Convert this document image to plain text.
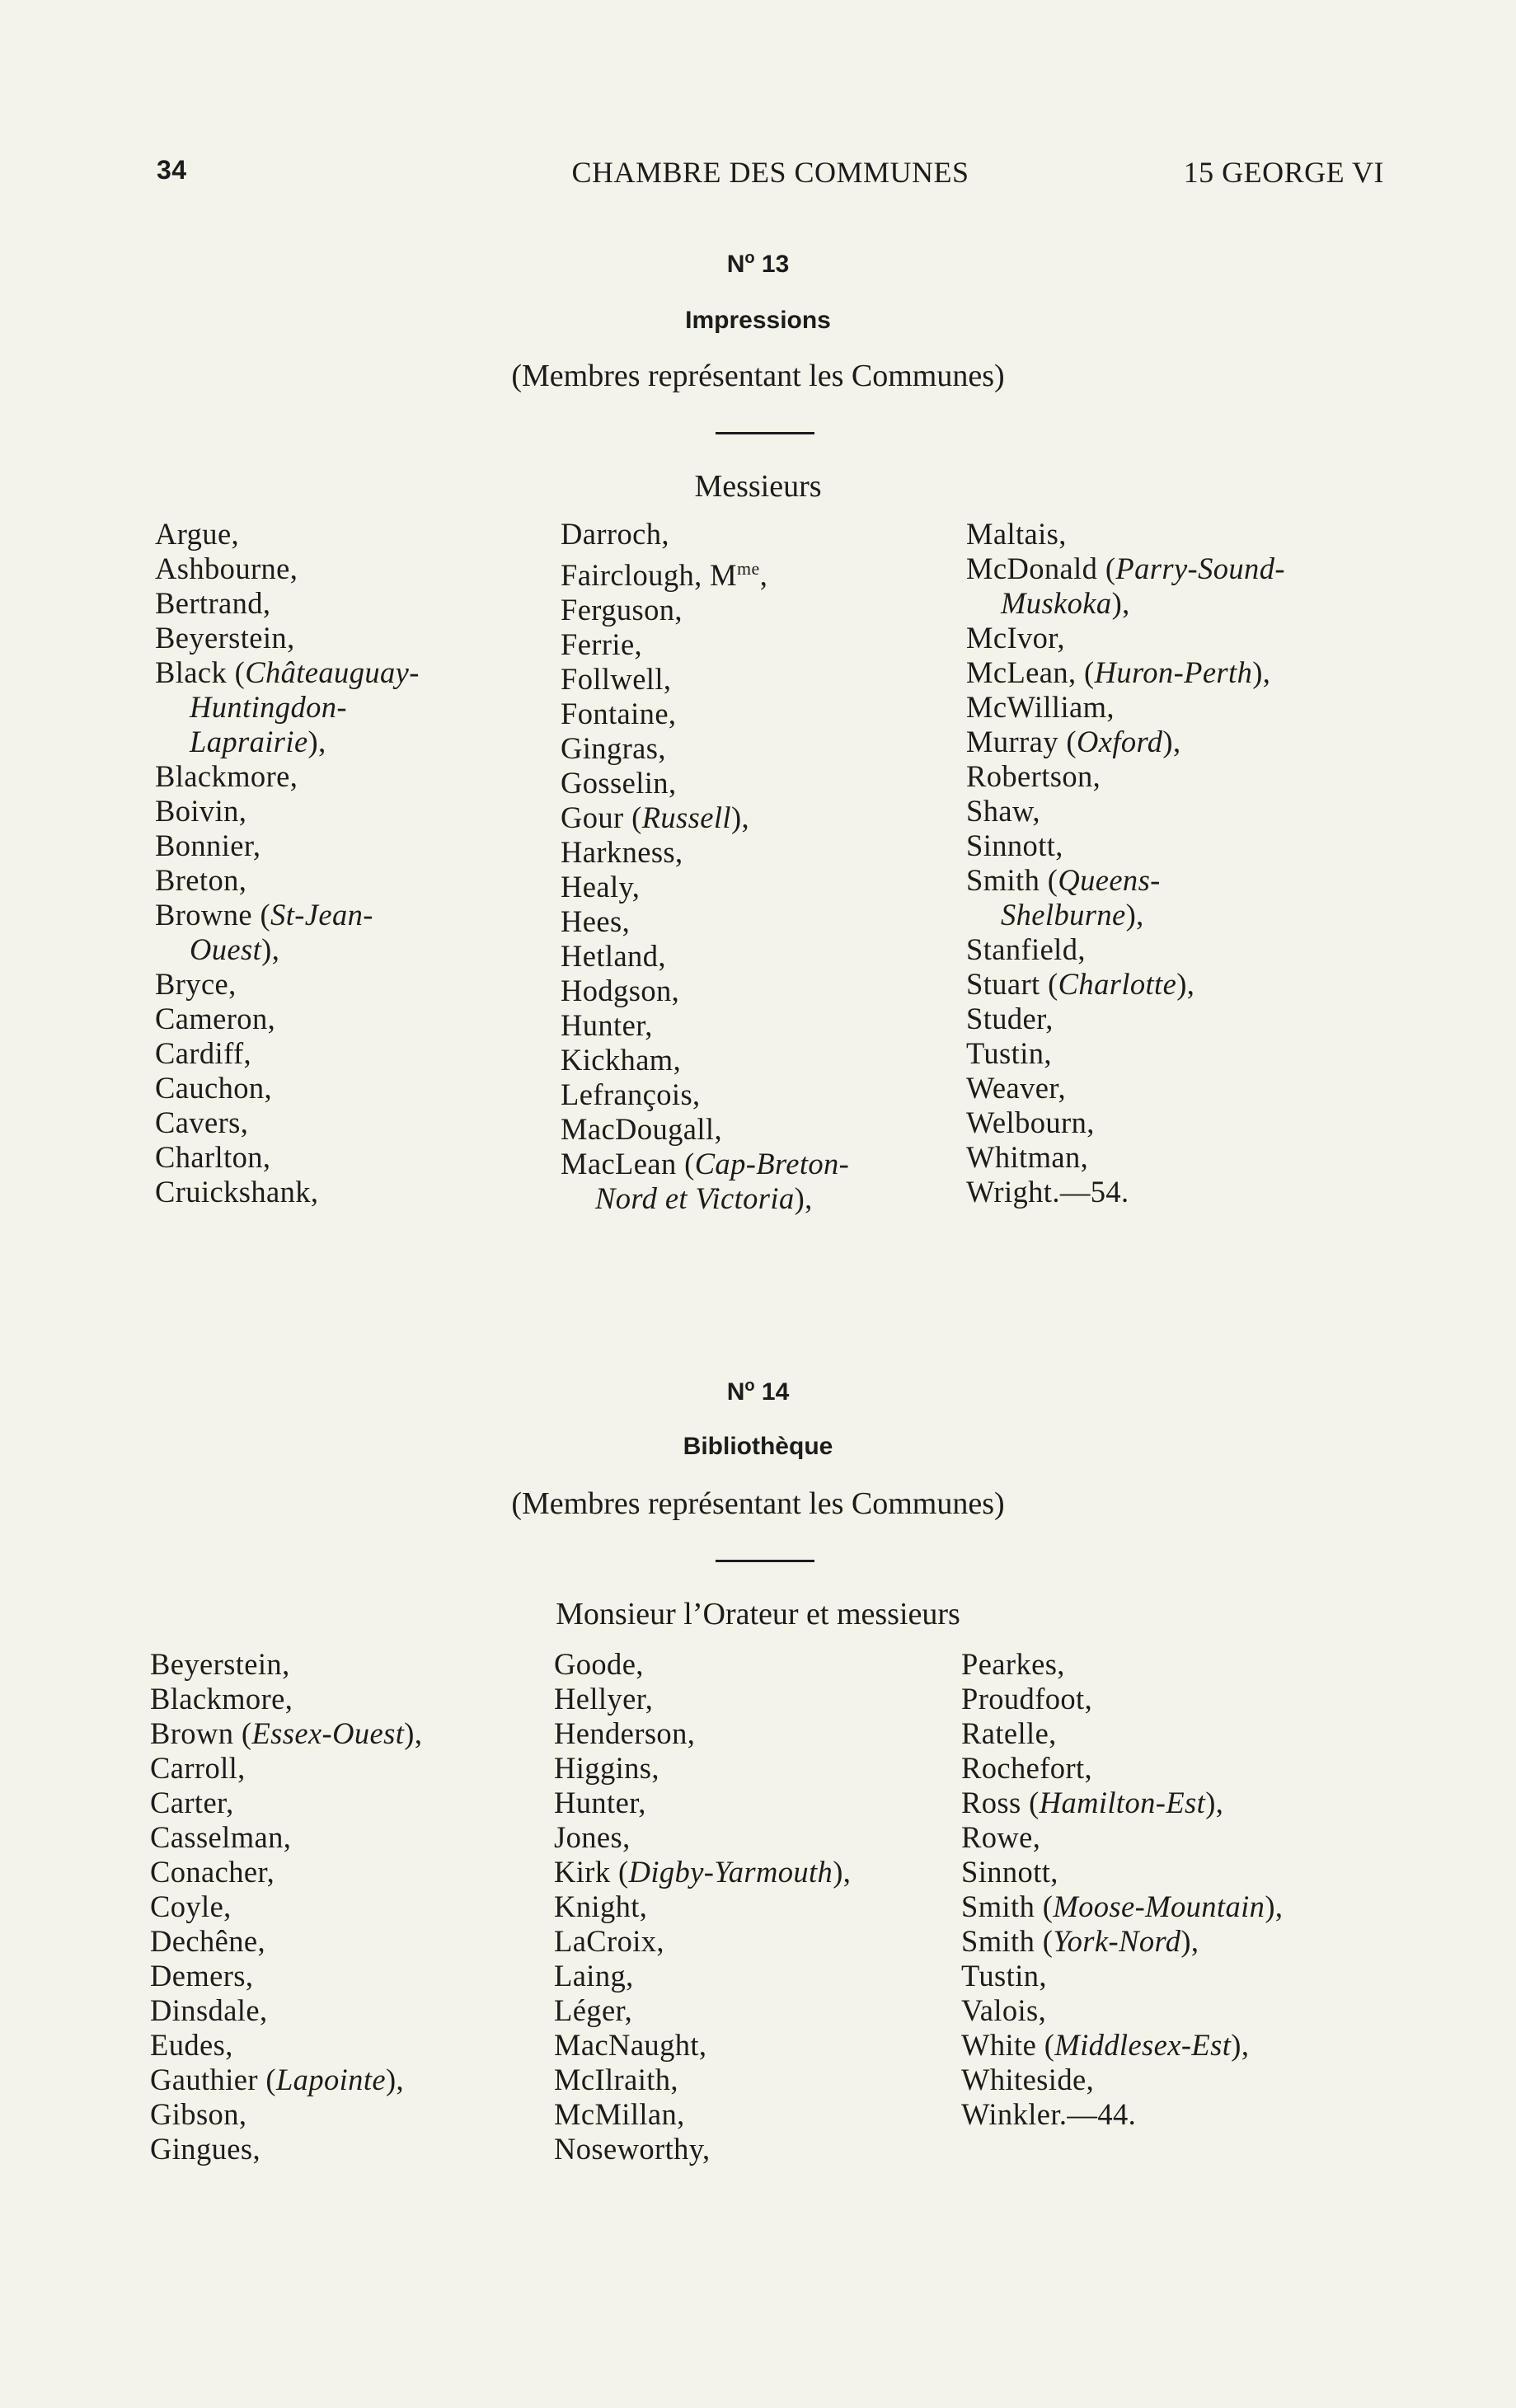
34	CHAMBRE DES COMMUNES	15 GEORGE VI
$N^o$ 13
Impressions
(Membres représentant les Communes)
Messieurs
Argue,
Ashbourne,
Bertrand,
Beyerstein,
Black (Châteauguay-
Huntingdon-
Laprairie),
Blackmore,
Boivin,
Bonnier,
Breton,
Browne (St-Jean-
Ouest),
Bryce,
Cameron,
Cardiff,
Cauchon,
Cavers,
Charlton,
Cruickshank,
Darroch,
Fairclough, $M^{me}$,
Ferguson,
Ferrie,
Follwell,
Fontaine,
Gingras,
Gosselin,
Gour (Russell),
Harkness,
Healy,
Hees,
Hetland,
Hodgson,
Hunter,
Kickham,
Lefrançois,
MacDougall,
MacLean (Cap-Breton-
Nord et Victoria),
Maltais,
McDonald (Parry-Sound-
Muskoka),
McIvor,
McLean, (Huron-Perth),
McWilliam,
Murray (Oxford),
Robertson,
Shaw,
Sinnott,
Smith (Queens-
Shelburne),
Stanfield,
Stuart (Charlotte),
Studer,
Tustin,
Weaver,
Welbourn,
Whitman,
Wright.—54.
$N^o$ 14
Bibliothèque
(Membres représentant les Communes)
Monsieur l’Orateur et messieurs
Beyerstein,
Blackmore,
Brown (Essex-Ouest),
Carroll,
Carter,
Casselman,
Conacher,
Coyle,
Dechêne,
Demers,
Dinsdale,
Eudes,
Gauthier (Lapointe),
Gibson,
Gingues,
Goode,
Hellyer,
Henderson,
Higgins,
Hunter,
Jones,
Kirk (Digby-Yarmouth),
Knight,
LaCroix,
Laing,
Léger,
MacNaught,
McIlraith,
McMillan,
Noseworthy,
Pearkes,
Proudfoot,
Ratelle,
Rochefort,
Ross (Hamilton-Est),
Rowe,
Sinnott,
Smith (Moose-Mountain),
Smith (York-Nord),
Tustin,
Valois,
White (Middlesex-Est),
Whiteside,
Winkler.—44.
